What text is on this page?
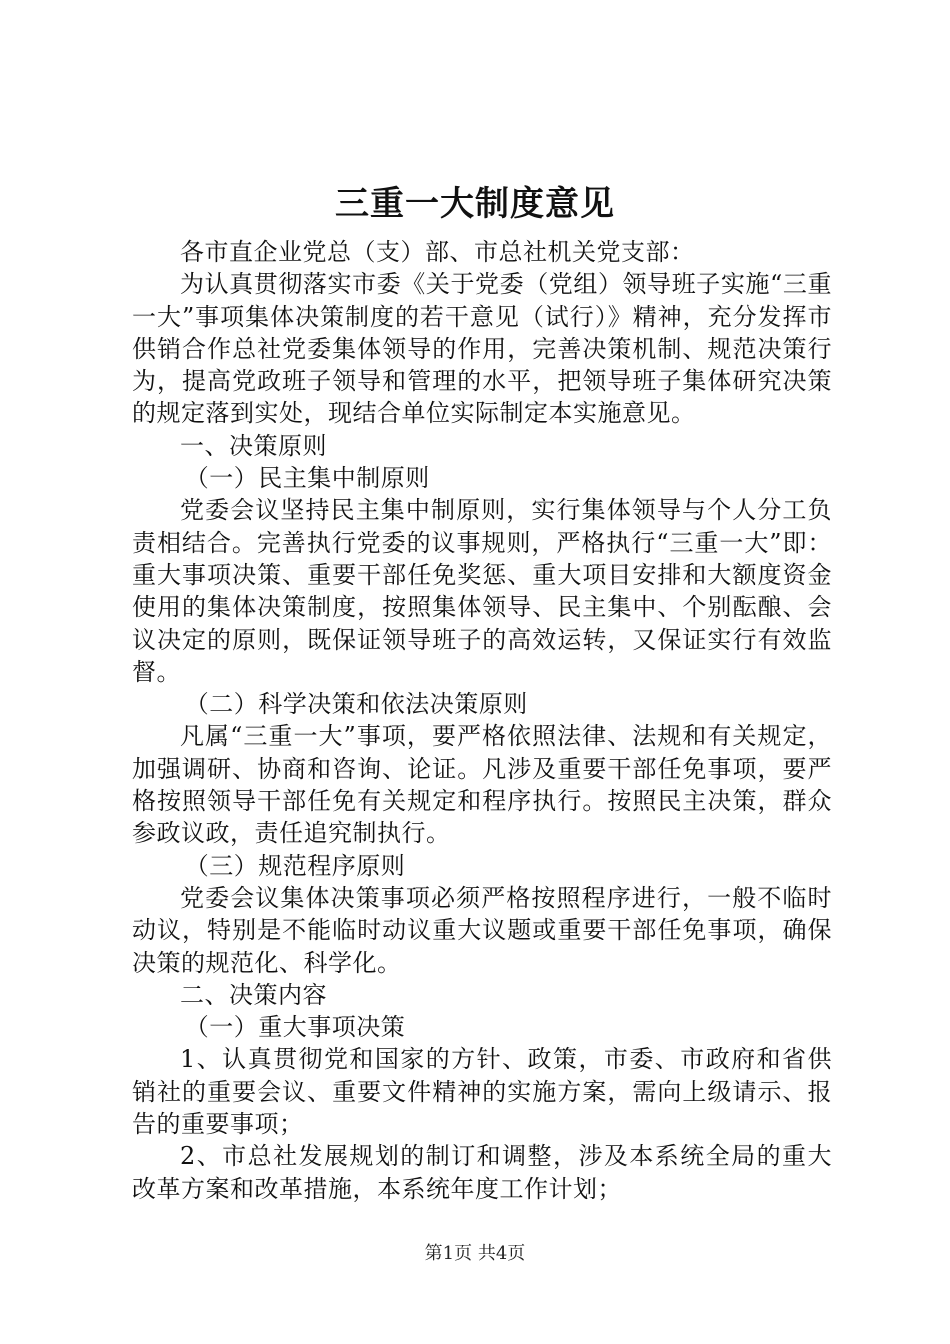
三重一大制度意见

各市直企业党总（支）部、市总社机关党支部：

为认真贯彻落实市委《关于党委（党组）领导班子实施“三重一大”事项集体决策制度的若干意见（试行）》精神，充分发挥市供销合作总社党委集体领导的作用，完善决策机制、规范决策行为，提高党政班子领导和管理的水平，把领导班子集体研究决策的规定落到实处，现结合单位实际制定本实施意见。

一、决策原则

（一）民主集中制原则

党委会议坚持民主集中制原则，实行集体领导与个人分工负责相结合。完善执行党委的议事规则，严格执行“三重一大”即：重大事项决策、重要干部任免奖惩、重大项目安排和大额度资金使用的集体决策制度，按照集体领导、民主集中、个别酝酿、会议决定的原则，既保证领导班子的高效运转，又保证实行有效监督。

（二）科学决策和依法决策原则

凡属“三重一大”事项，要严格依照法律、法规和有关规定，加强调研、协商和咨询、论证。凡涉及重要干部任免事项，要严格按照领导干部任免有关规定和程序执行。按照民主决策，群众参政议政，责任追究制执行。

（三）规范程序原则

党委会议集体决策事项必须严格按照程序进行，一般不临时动议，特别是不能临时动议重大议题或重要干部任免事项，确保决策的规范化、科学化。

二、决策内容

（一）重大事项决策

1、认真贯彻党和国家的方针、政策，市委、市政府和省供销社的重要会议、重要文件精神的实施方案，需向上级请示、报告的重要事项；

2、市总社发展规划的制订和调整，涉及本系统全局的重大改革方案和改革措施，本系统年度工作计划；

第1页 共4页
